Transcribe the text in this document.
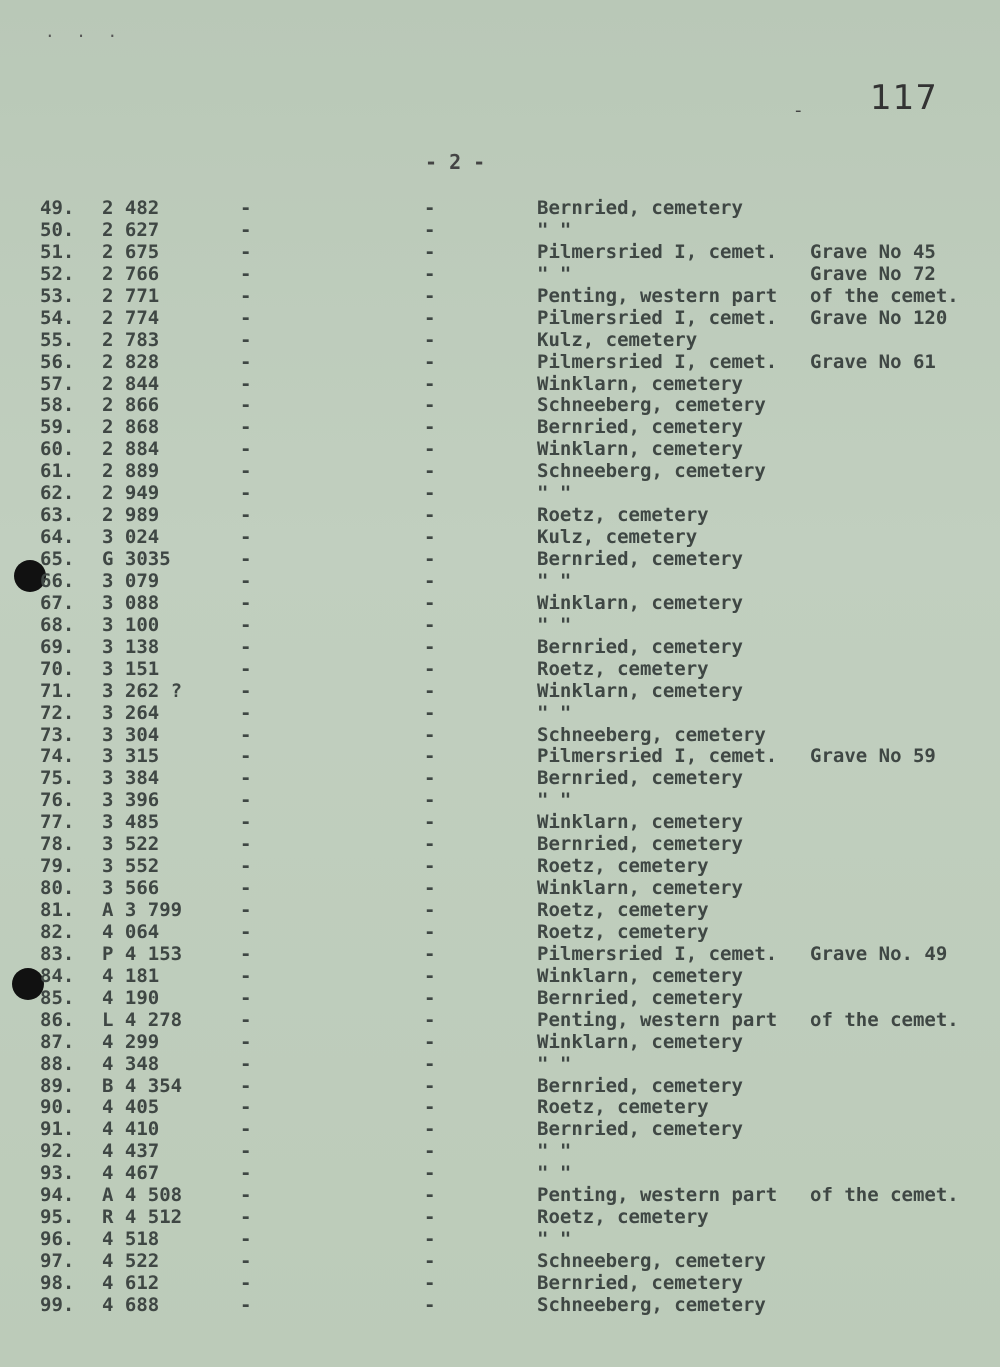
. . .
- 117
- 2 -
49. 2 482	-	-	Bernried, cemetery
50. 2 627	-	-	" "
51. 2 675	-	-	Pilmersried I, cemet. Grave No 45
52. 2 766	-	-	" "	Grave No 72
53. 2 771	-	-	Penting, western part of the cemet.
54. 2 774	-	-	Pilmersried I, cemet. Grave No 120
55. 2 783	-	-	Kulz, cemetery
56. 2 828	-	-	Pilmersried I, cemet. Grave No 61
57. 2 844	-	-	Winklarn, cemetery
58. 2 866	-	-	Schneeberg, cemetery
59. 2 868	-	-	Bernried, cemetery
60. 2 884	-	-	Winklarn, cemetery
61. 2 889	-	-	Schneeberg, cemetery
62. 2 949	-	-	" "
63. 2 989	-	-	Roetz, cemetery
64. 3 024	-	-	Kulz, cemetery
65. G 3035	-	-	Bernried, cemetery
66. 3 079	-	-	" "
67. 3 088	-	-	Winklarn, cemetery
68. 3 100	-	-	" "
69. 3 138	-	-	Bernried, cemetery
70. 3 151	-	-	Roetz, cemetery
71. 3 262 ?	-	-	Winklarn, cemetery
72. 3 264	-	-	" "
73. 3 304	-	-	Schneeberg, cemetery
74. 3 315	-	-	Pilmersried I, cemet. Grave No 59
75. 3 384	-	-	Bernried, cemetery
76. 3 396	-	-	" "
77. 3 485	-	-	Winklarn, cemetery
78. 3 522	-	-	Bernried, cemetery
79. 3 552	-	-	Roetz, cemetery
80. 3 566	-	-	Winklarn, cemetery
81. A 3 799	-	-	Roetz, cemetery
82. 4 064	-	-	Roetz, cemetery
83. P 4 153	-	-	Pilmersried I, cemet. Grave No. 49
84. 4 181	-	-	Winklarn, cemetery
85. 4 190	-	-	Bernried, cemetery
86. L 4 278	-	-	Penting, western part of the cemet.
87. 4 299	-	-	Winklarn, cemetery
88. 4 348	-	-	" "
89. B 4 354	-	-	Bernried, cemetery
90. 4 405	-	-	Roetz, cemetery
91. 4 410	-	-	Bernried, cemetery
92. 4 437	-	-	" "
93. 4 467	-	-	" "
94. A 4 508	-	-	Penting, western part of the cemet.
95. R 4 512	-	-	Roetz, cemetery
96. 4 518	-	-	" "
97. 4 522	-	-	Schneeberg, cemetery
98. 4 612	-	-	Bernried, cemetery
99. 4 688	-	-	Schneeberg, cemetery
